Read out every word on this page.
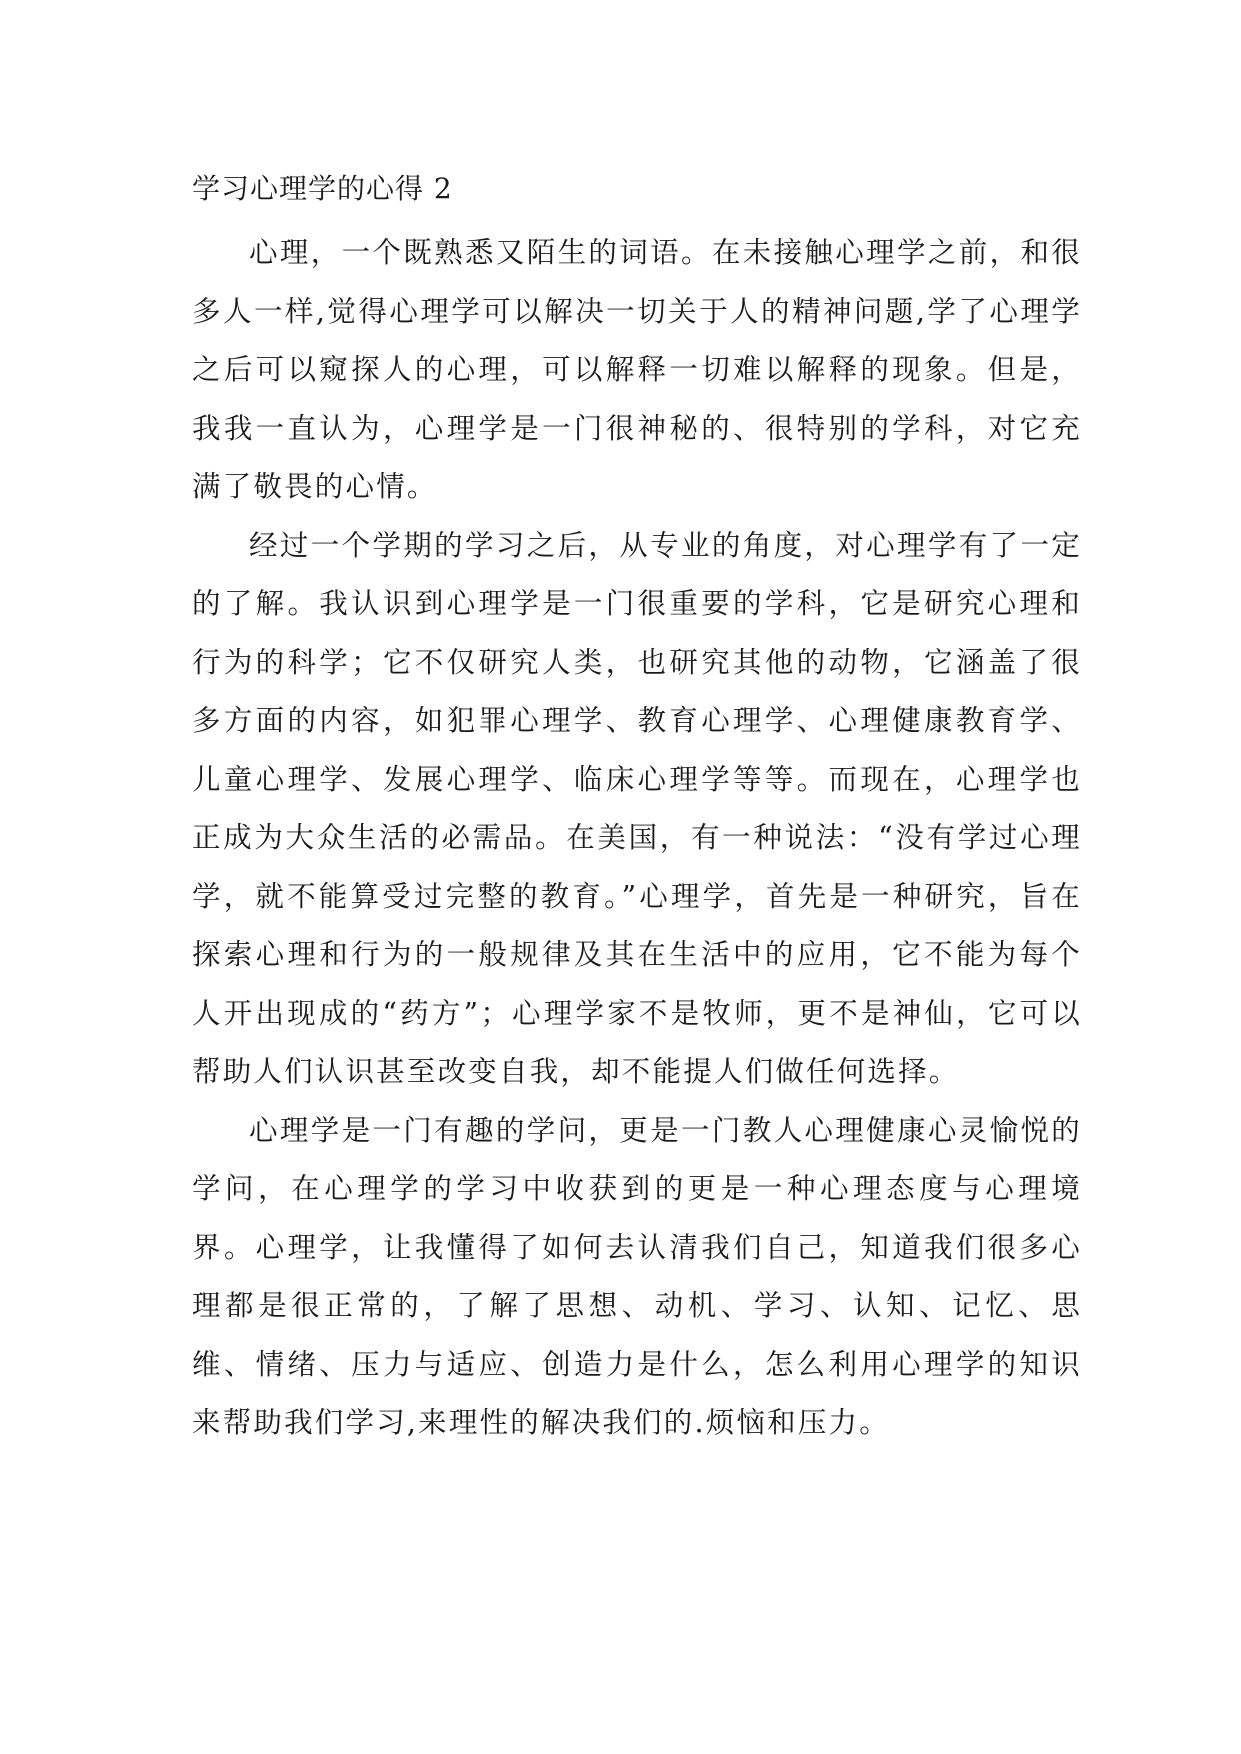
学习心理学的心得 2

心理，一个既熟悉又陌生的词语。在未接触心理学之前，和很多人一样,觉得心理学可以解决一切关于人的精神问题,学了心理学之后可以窥探人的心理，可以解释一切难以解释的现象。但是，我我一直认为，心理学是一门很神秘的、很特别的学科，对它充满了敬畏的心情。

经过一个学期的学习之后，从专业的角度，对心理学有了一定的了解。我认识到心理学是一门很重要的学科，它是研究心理和行为的科学；它不仅研究人类，也研究其他的动物，它涵盖了很多方面的内容，如犯罪心理学、教育心理学、心理健康教育学、儿童心理学、发展心理学、临床心理学等等。而现在，心理学也正成为大众生活的必需品。在美国，有一种说法：“没有学过心理学，就不能算受过完整的教育。”心理学，首先是一种研究，旨在探索心理和行为的一般规律及其在生活中的应用，它不能为每个人开出现成的“药方”；心理学家不是牧师，更不是神仙，它可以帮助人们认识甚至改变自我，却不能提人们做任何选择。

心理学是一门有趣的学问，更是一门教人心理健康心灵愉悦的学问，在心理学的学习中收获到的更是一种心理态度与心理境界。心理学，让我懂得了如何去认清我们自己，知道我们很多心理都是很正常的，了解了思想、动机、学习、认知、记忆、思维、情绪、压力与适应、创造力是什么，怎么利用心理学的知识来帮助我们学习,来理性的解决我们的.烦恼和压力。
